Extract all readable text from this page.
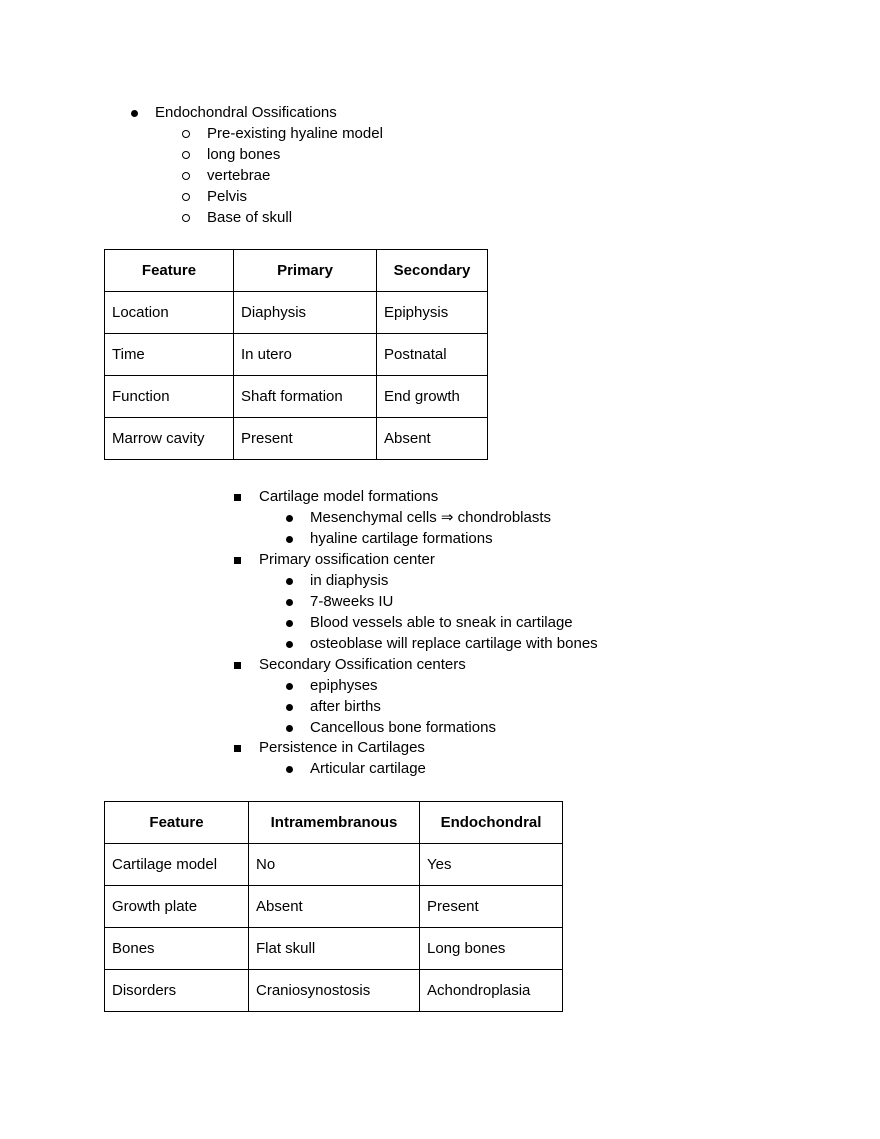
Endochondral Ossifications
Pre-existing hyaline model
long bones
vertebrae
Pelvis
Base of skull
Feature	Primary	Secondary
Location	Diaphysis	Epiphysis
Time	In utero	Postnatal
Function	Shaft formation	End growth
Marrow cavity	Present	Absent
Cartilage model formations
Mesenchymal cells ⇒ chondroblasts
hyaline cartilage formations
Primary ossification center
in diaphysis
7-8weeks IU
Blood vessels able to sneak in cartilage
osteoblase will replace cartilage with bones
Secondary Ossification centers
epiphyses
after births
Cancellous bone formations
Persistence in Cartilages
Articular cartilage
Feature	Intramembranous	Endochondral
Cartilage model	No	Yes
Growth plate	Absent	Present
Bones	Flat skull	Long bones
Disorders	Craniosynostosis	Achondroplasia
